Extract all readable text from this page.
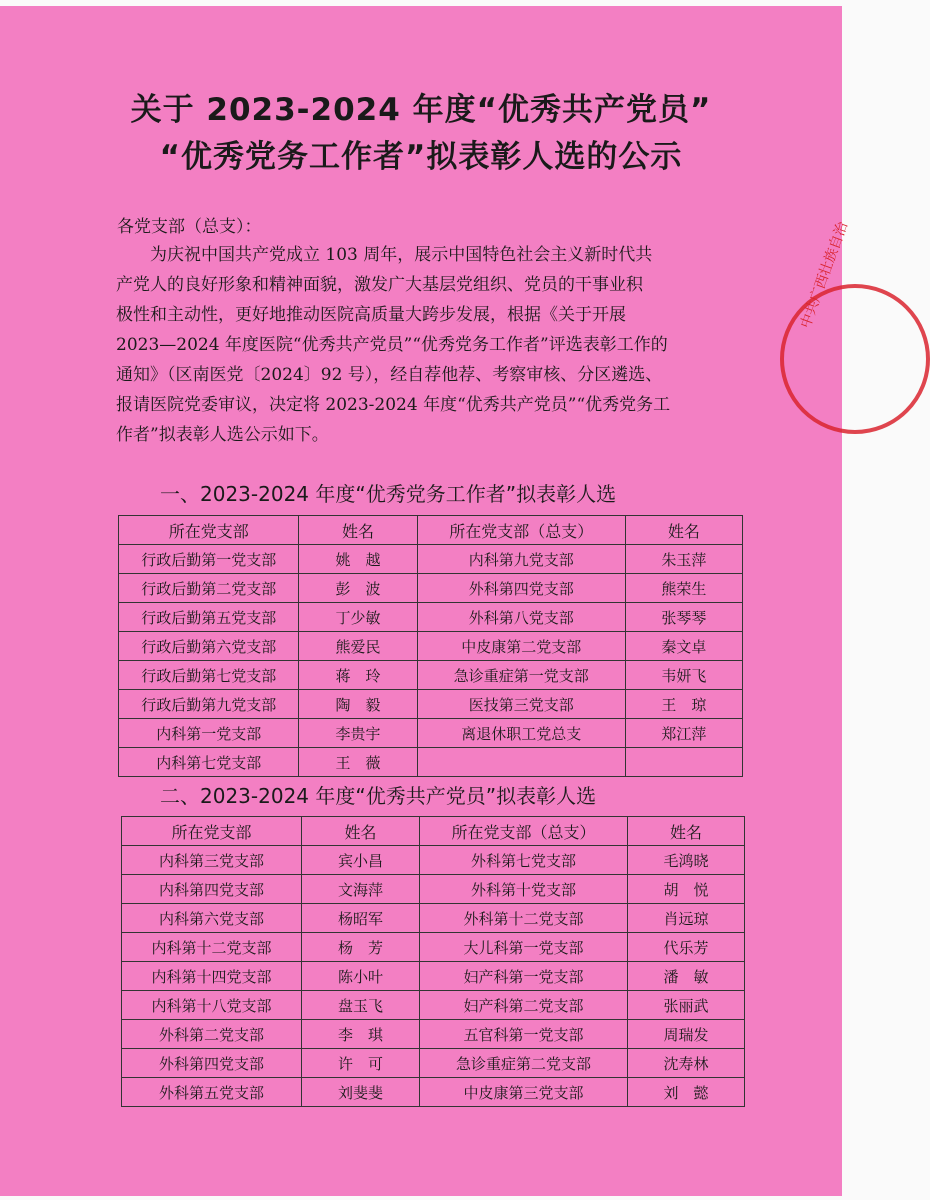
关于 2023-2024 年度“优秀共产党员”
“优秀党务工作者”拟表彰人选的公示
各党支部（总支）：
　　为庆祝中国共产党成立 103 周年，展示中国特色社会主义新时代共
产党人的良好形象和精神面貌，激发广大基层党组织、党员的干事业积
极性和主动性，更好地推动医院高质量大跨步发展，根据《关于开展
2023—2024 年度医院“优秀共产党员”“优秀党务工作者”评选表彰工作的
通知》（区南医党〔2024〕92 号），经自荐他荐、考察审核、分区遴选、
报请医院党委审议，决定将 2023-2024 年度“优秀共产党员”“优秀党务工
作者”拟表彰人选公示如下。
一、2023-2024 年度“优秀党务工作者”拟表彰人选
所在党支部	姓名	所在党支部（总支）	姓名
行政后勤第一党支部	姚　越	内科第九党支部	朱玉萍
行政后勤第二党支部	彭　波	外科第四党支部	熊荣生
行政后勤第五党支部	丁少敏	外科第八党支部	张琴琴
行政后勤第六党支部	熊爱民	中皮康第二党支部	秦文卓
行政后勤第七党支部	蒋　玲	急诊重症第一党支部	韦妍飞
行政后勤第九党支部	陶　毅	医技第三党支部	王　琼
内科第一党支部	李贵宇	离退休职工党总支	郑江萍
内科第七党支部	王　薇		
二、2023-2024 年度“优秀共产党员”拟表彰人选
所在党支部	姓名	所在党支部（总支）	姓名
内科第三党支部	宾小昌	外科第七党支部	毛鸿晓
内科第四党支部	文海萍	外科第十党支部	胡　悦
内科第六党支部	杨昭军	外科第十二党支部	肖远琼
内科第十二党支部	杨　芳	大儿科第一党支部	代乐芳
内科第十四党支部	陈小叶	妇产科第一党支部	潘　敏
内科第十八党支部	盘玉飞	妇产科第二党支部	张丽武
外科第二党支部	李　琪	五官科第一党支部	周瑞发
外科第四党支部	许　可	急诊重症第二党支部	沈寿林
外科第五党支部	刘斐斐	中皮康第三党支部	刘　懿
中共广西壮族自治
